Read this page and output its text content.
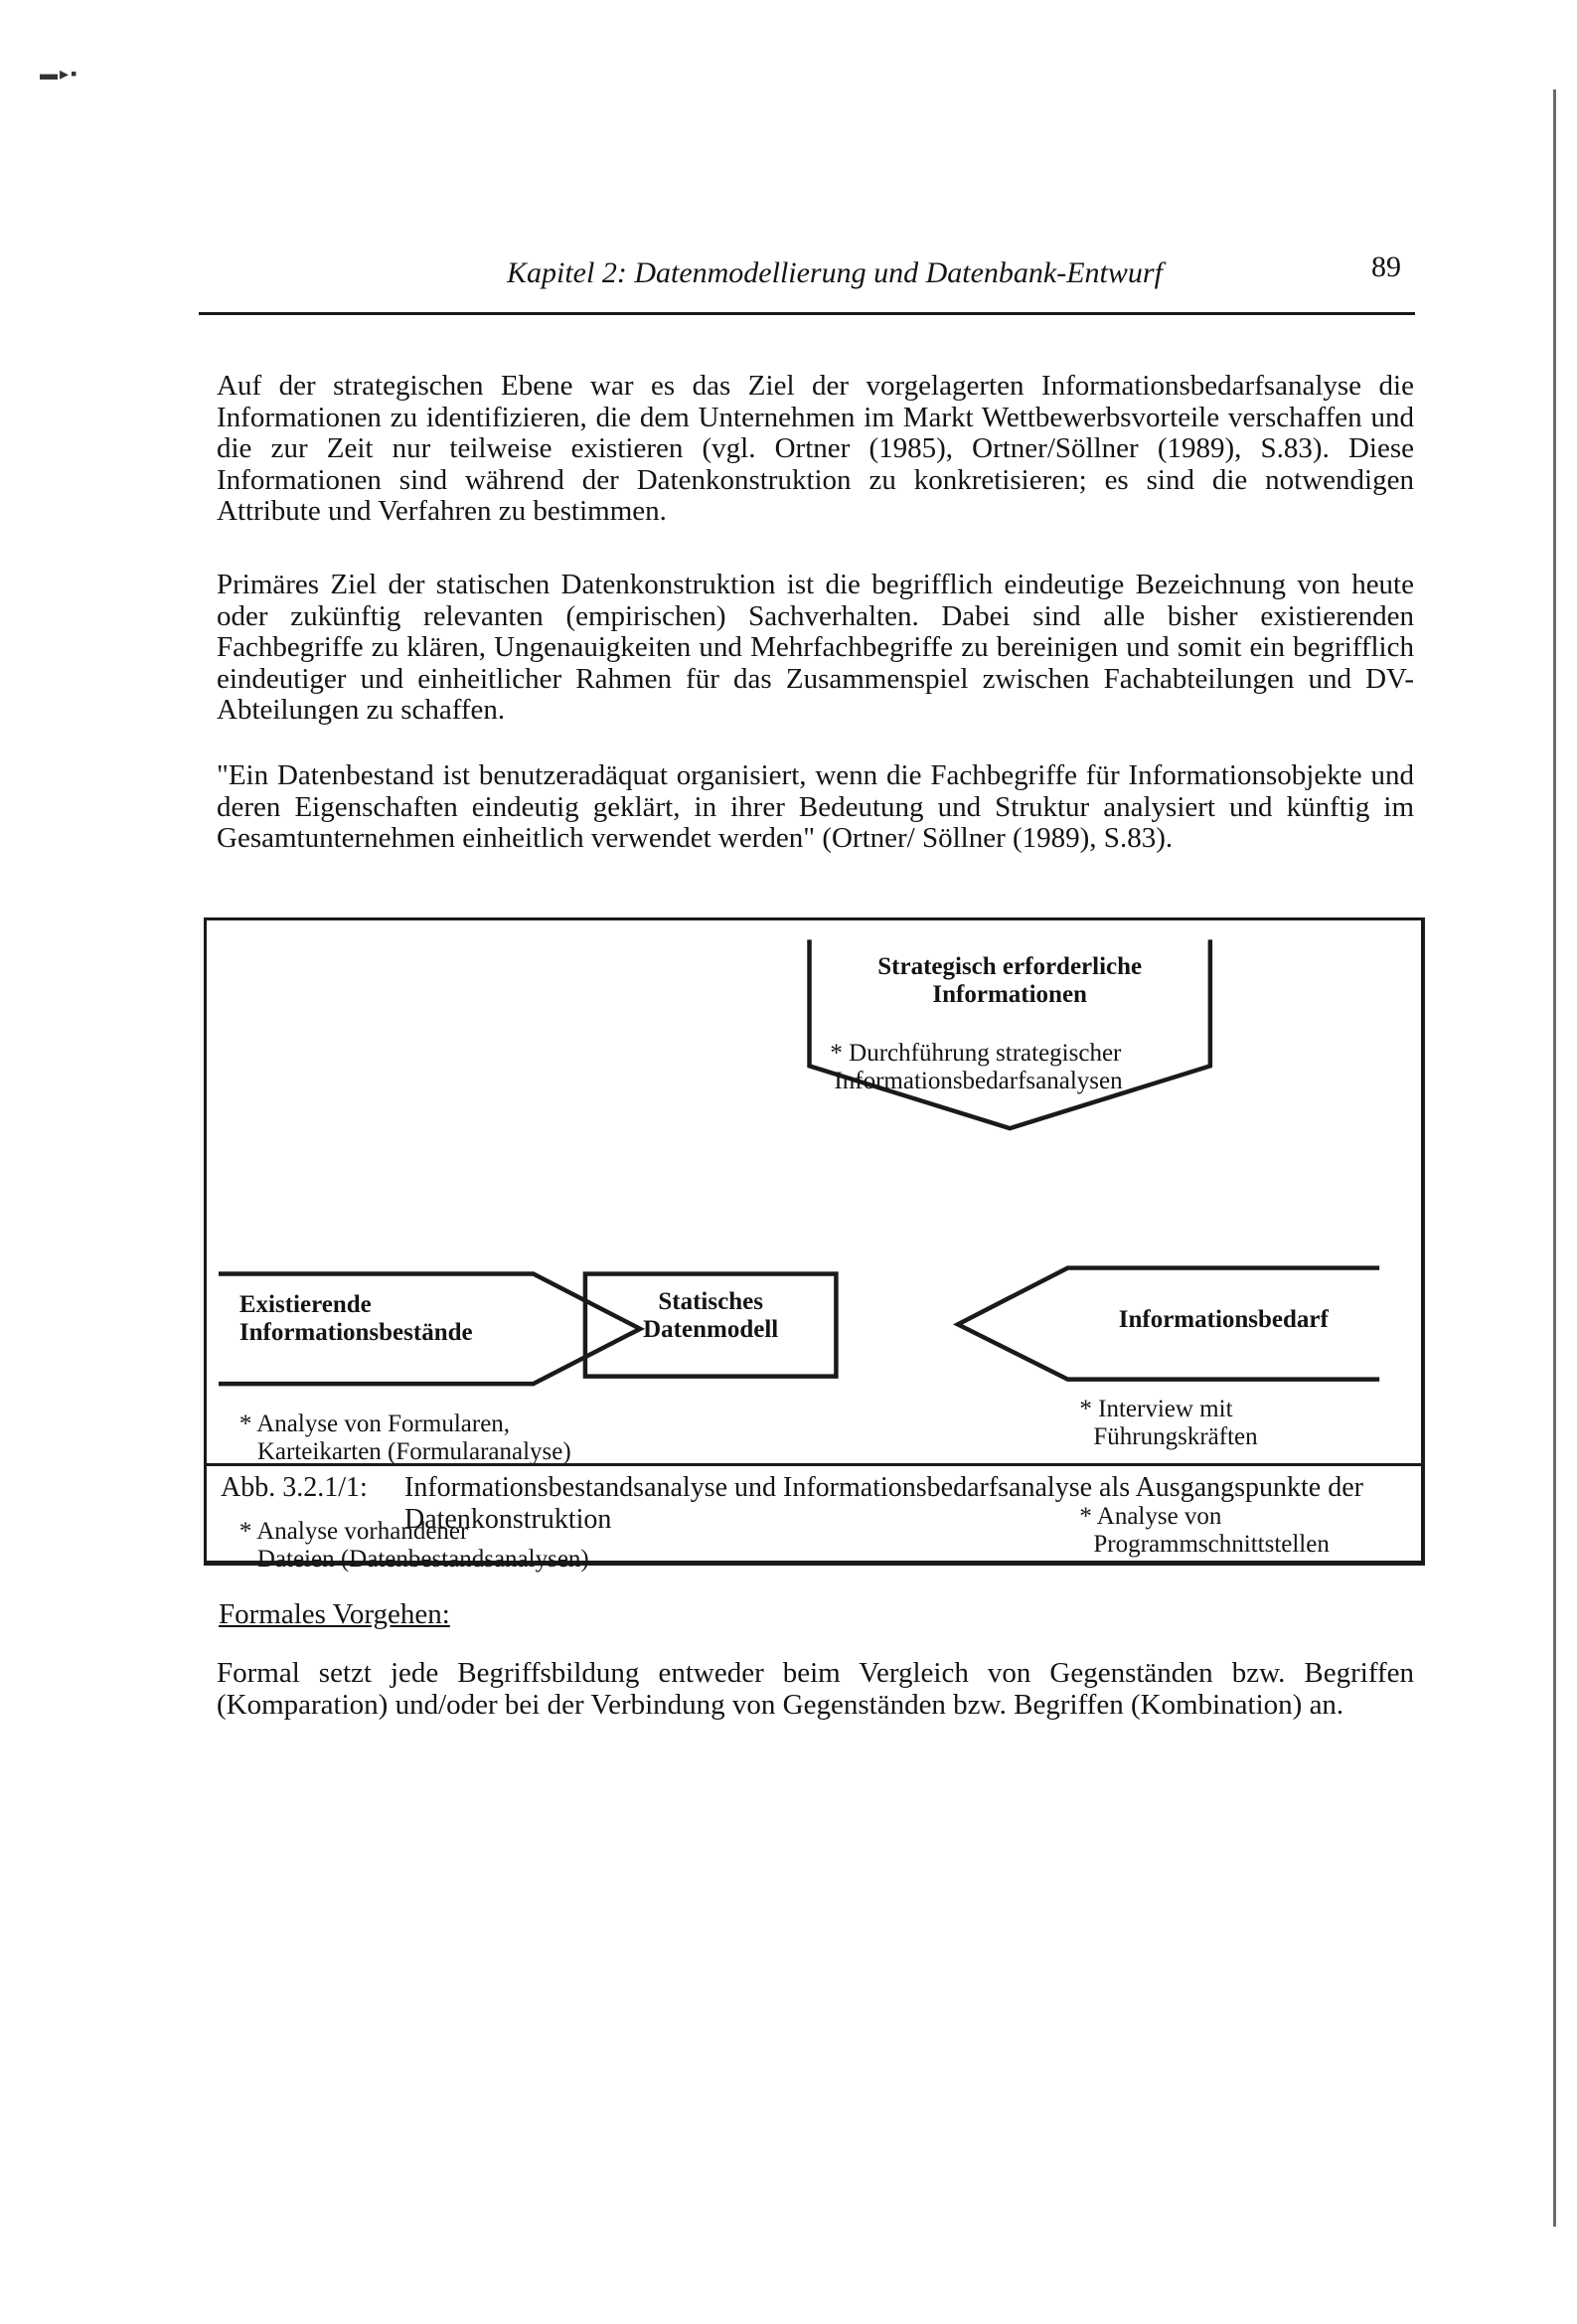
▬▸▪
Kapitel 2: Datenmodellierung und Datenbank-Entwurf	89

Auf der strategischen Ebene war es das Ziel der vorgelagerten Informationsbedarfsanalyse die Informationen zu identifizieren, die dem Unternehmen im Markt Wettbewerbsvorteile verschaffen und die zur Zeit nur teilweise existieren (vgl. Ortner (1985), Ortner/Söllner (1989), S.83). Diese Informationen sind während der Datenkonstruktion zu konkretisieren; es sind die notwendigen Attribute und Verfahren zu bestimmen.

Primäres Ziel der statischen Datenkonstruktion ist die begrifflich eindeutige Bezeichnung von heute oder zukünftig relevanten (empirischen) Sachverhalten. Dabei sind alle bisher existierenden Fachbegriffe zu klären, Ungenauigkeiten und Mehrfachbegriffe zu bereinigen und somit ein begrifflich eindeutiger und einheitlicher Rahmen für das Zusammenspiel zwischen Fachabteilungen und DV-Abteilungen zu schaffen.

"Ein Datenbestand ist benutzeradäquat organisiert, wenn die Fachbegriffe für Informationsobjekte und deren Eigenschaften eindeutig geklärt, in ihrer Bedeutung und Struktur analysiert und künftig im Gesamtunternehmen einheitlich verwendet werden" (Ortner/ Söllner (1989), S.83).

Strategisch erforderliche
Informationen
* Durchführung strategischer
Informationsbedarfsanalysen
Existierende
Informationsbestände
Statisches
Datenmodell	Informationsbedarf
* Analyse von Formularen,
Karteikarten (Formularanalyse)
* Analyse vorhandener
Dateien (Datenbestandsanalysen)
* Interview mit
Führungskräften
* Analyse von
Programmschnittstellen
Abb. 3.2.1/1: Informationsbestandsanalyse und Informationsbedarfsanalyse als Ausgangspunkte der Datenkonstruktion
Formales Vorgehen:

Formal setzt jede Begriffsbildung entweder beim Vergleich von Gegenständen bzw. Begriffen (Komparation) und/oder bei der Verbindung von Gegenständen bzw. Begriffen (Kombination) an.
